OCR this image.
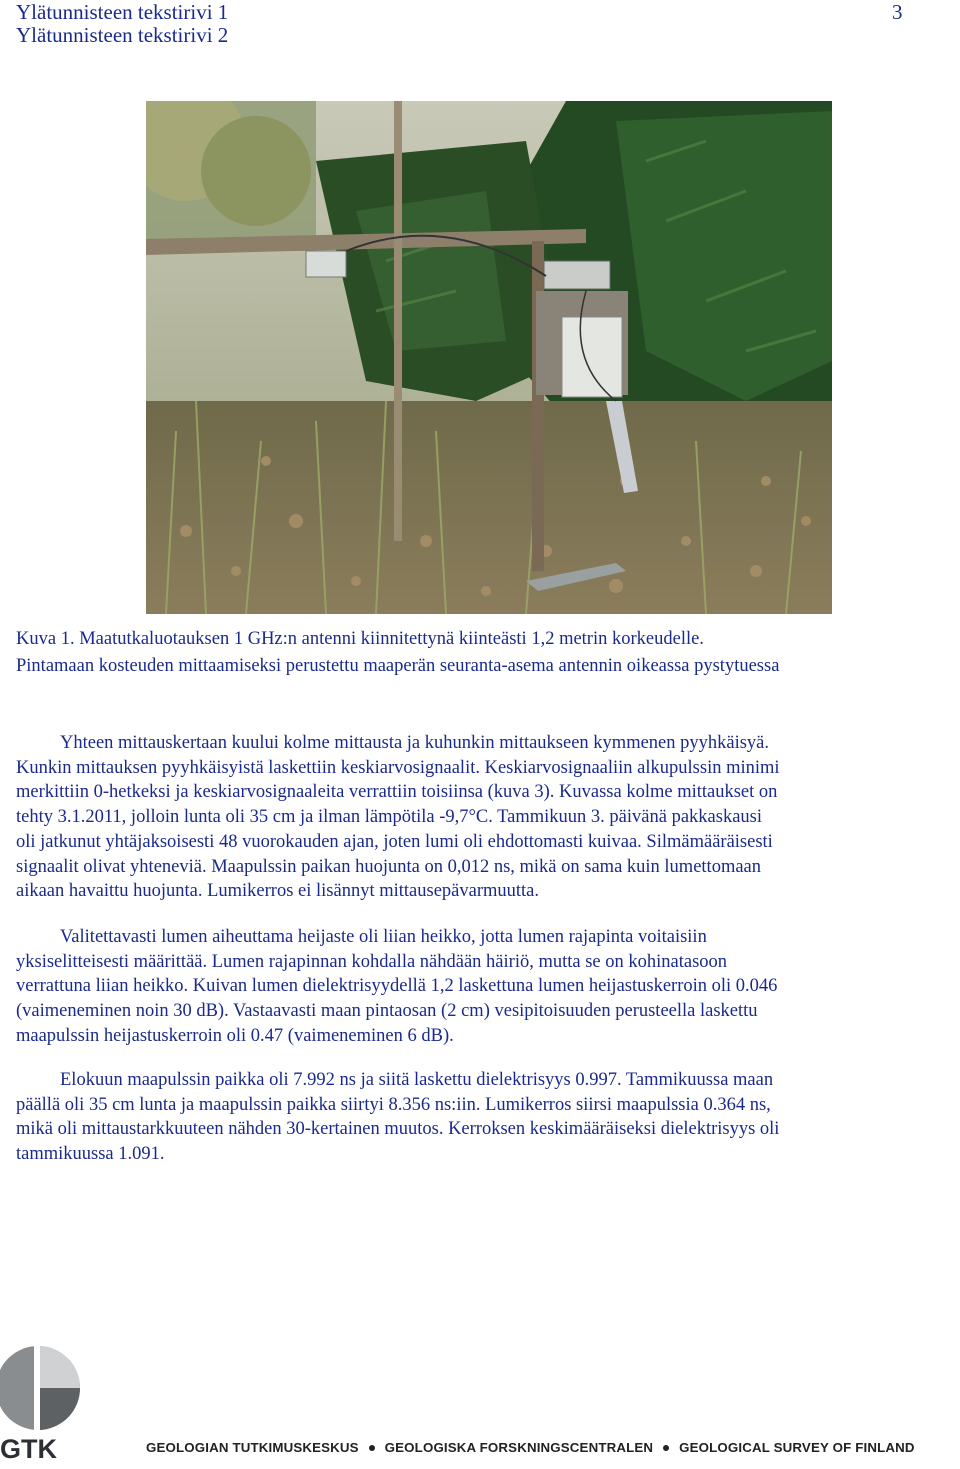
Ylätunnisteen tekstirivi 1
Ylätunnisteen tekstirivi 2
3
Kuva 1. Maatutkaluotauksen 1 GHz:n antenni kiinnitettynä kiinteästi 1,2 metrin korkeudelle.
Pintamaan kosteuden mittaamiseksi perustettu maaperän seuranta-asema antennin oikeassa pystytuessa

Yhteen mittauskertaan kuului kolme mittausta ja kuhunkin mittaukseen kymmenen pyyhkäisyä.
Kunkin mittauksen pyyhkäisyistä laskettiin keskiarvosignaalit. Keskiarvosignaaliin alkupulssin minimi
merkittiin 0-hetkeksi ja keskiarvosignaaleita verrattiin toisiinsa (kuva 3). Kuvassa kolme mittaukset on
tehty 3.1.2011, jolloin lunta oli 35 cm ja ilman lämpötila -9,7°C. Tammikuun 3. päivänä pakkaskausi
oli jatkunut yhtäjaksoisesti 48 vuorokauden ajan, joten lumi oli ehdottomasti kuivaa. Silmämääräisesti
signaalit olivat yhteneviä. Maapulssin paikan huojunta on 0,012 ns, mikä on sama kuin lumettomaan
aikaan havaittu huojunta. Lumikerros ei lisännyt mittausepävarmuutta.

Valitettavasti lumen aiheuttama heijaste oli liian heikko, jotta lumen rajapinta voitaisiin
yksiselitteisesti määrittää. Lumen rajapinnan kohdalla nähdään häiriö, mutta se on kohinatasoon
verrattuna liian heikko. Kuivan lumen dielektrisyydellä 1,2 laskettuna lumen heijastuskerroin oli 0.046
(vaimeneminen noin 30 dB). Vastaavasti maan pintaosan (2 cm) vesipitoisuuden perusteella laskettu
maapulssin heijastuskerroin oli 0.47 (vaimeneminen 6 dB).

Elokuun maapulssin paikka oli 7.992 ns ja siitä laskettu dielektrisyys 0.997. Tammikuussa maan
päällä oli 35 cm lunta ja maapulssin paikka siirtyi 8.356 ns:iin. Lumikerros siirsi maapulssia 0.364 ns,
mikä oli mittaustarkkuuteen nähden 30-kertainen muutos. Kerroksen keskimääräiseksi dielektrisyys oli
tammikuussa 1.091.

GTK	GEOLOGIAN TUTKIMUSKESKUS GEOLOGISKA FORSKNINGSCENTRALEN GEOLOGICAL SURVEY OF FINLAND
